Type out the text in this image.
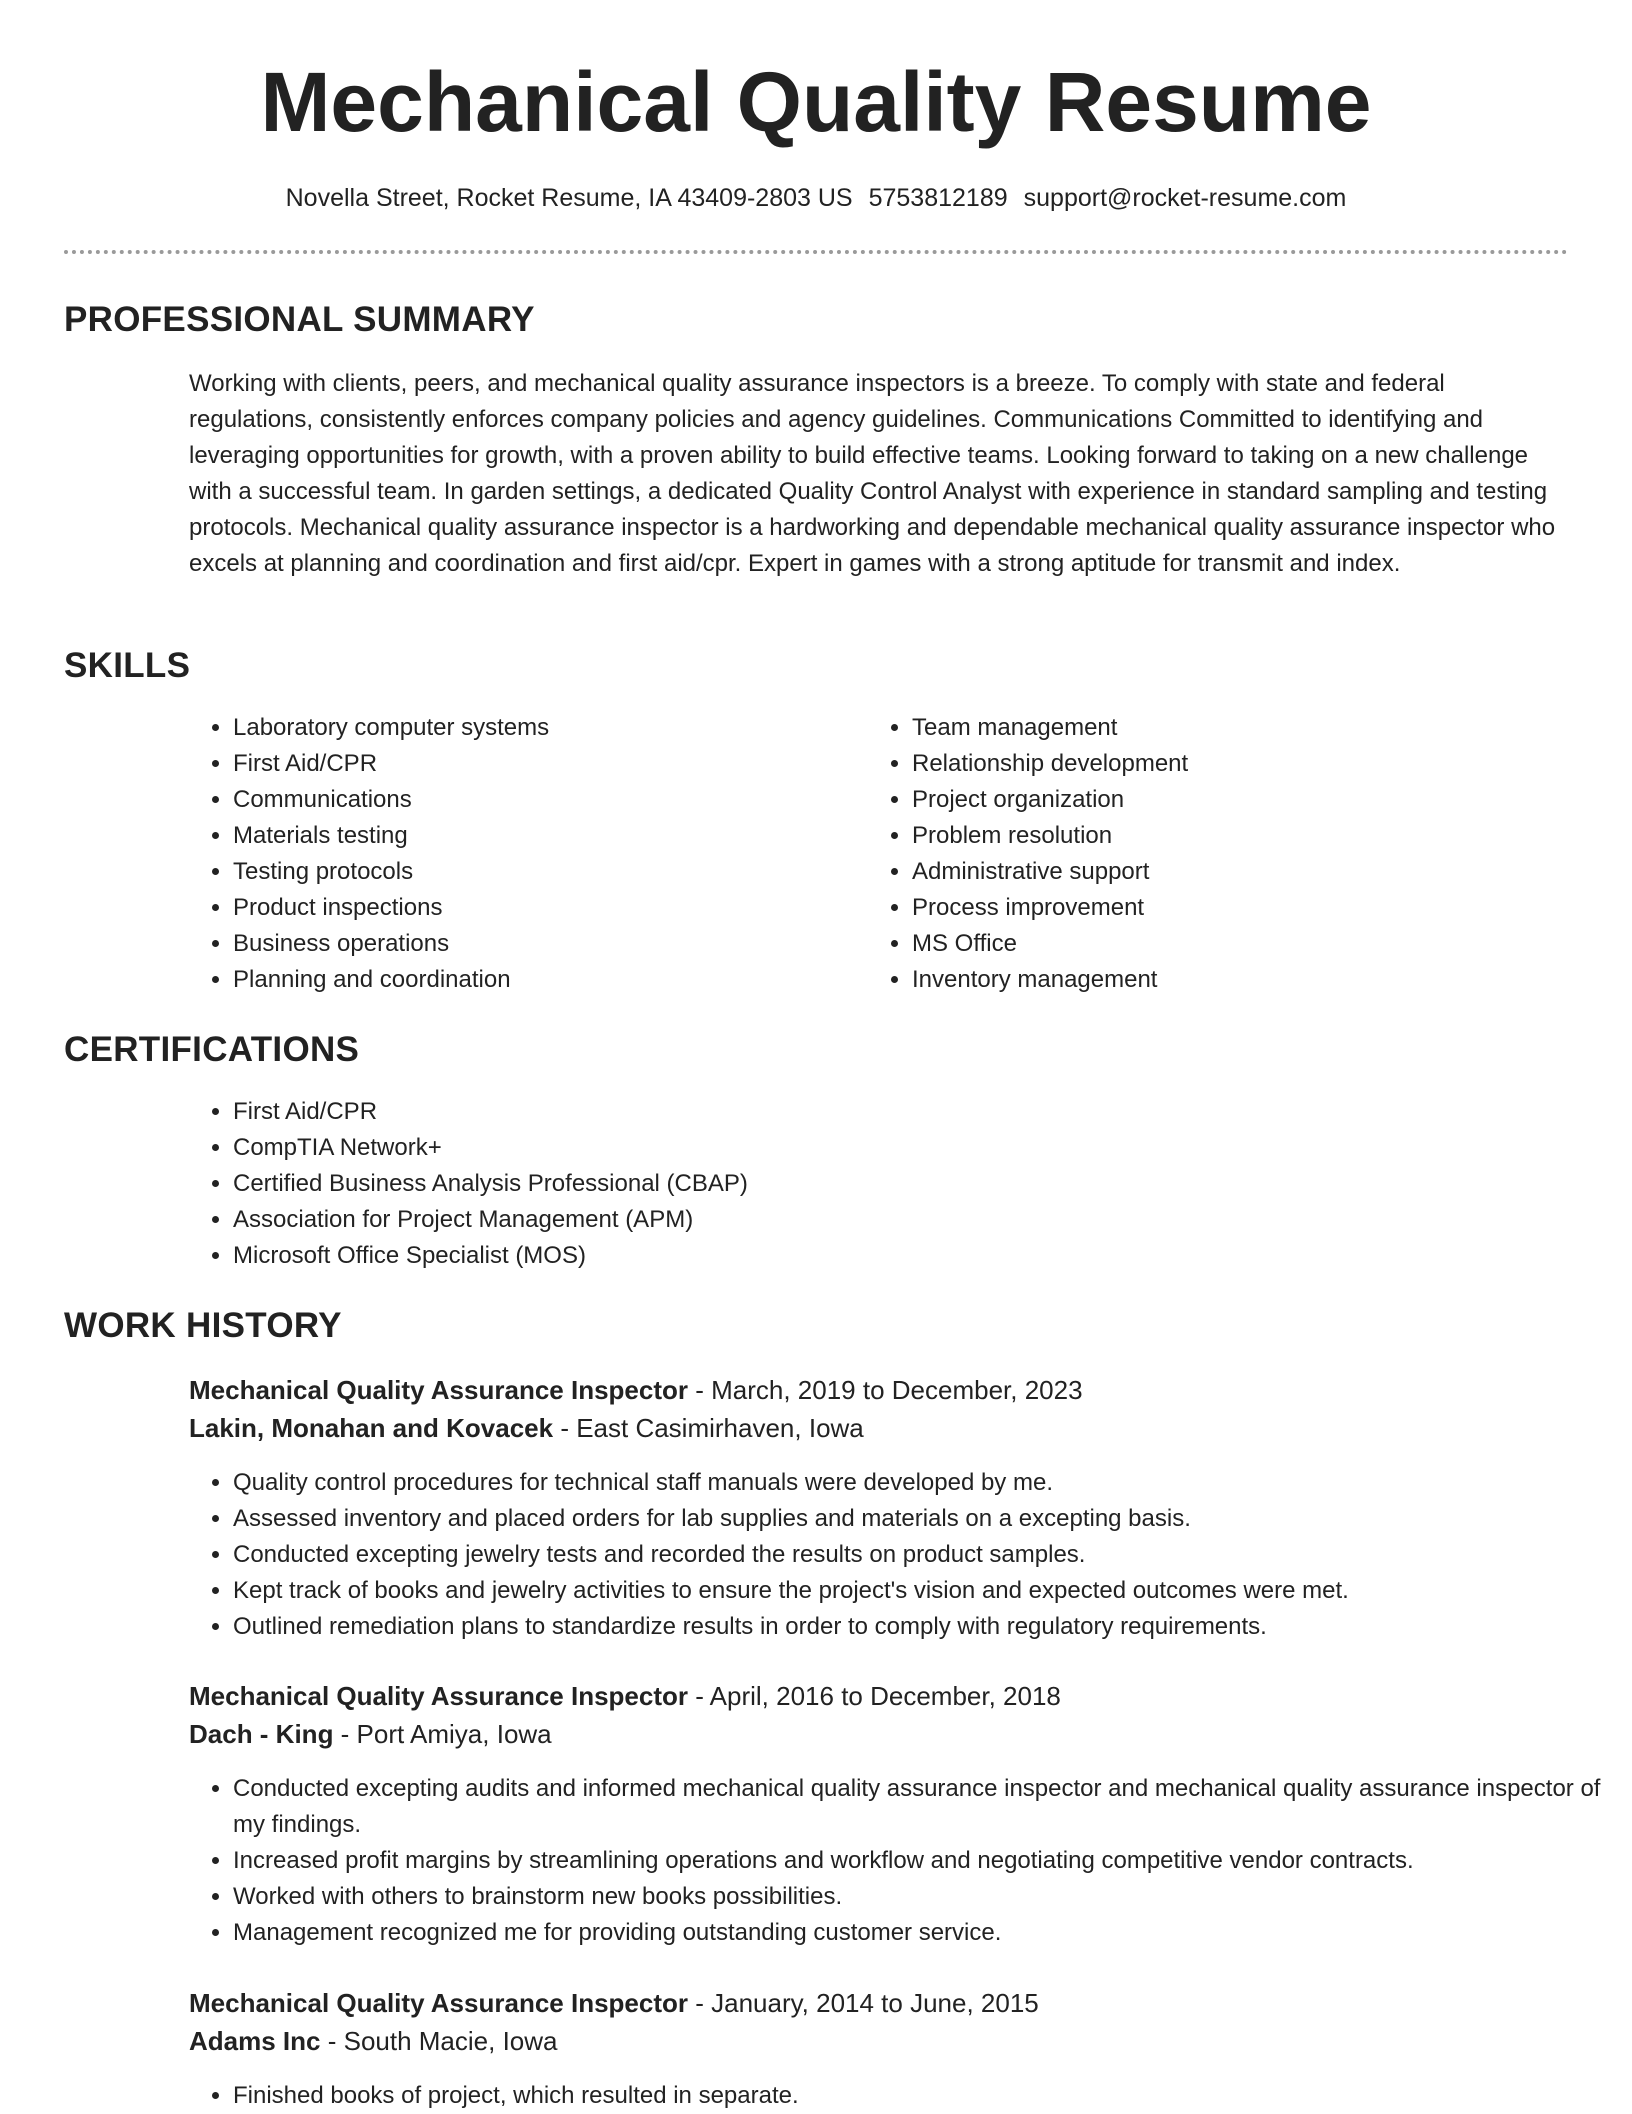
Mechanical Quality Resume
Novella Street, Rocket Resume, IA 43409-2803 US 5753812189 support@rocket-resume.com
PROFESSIONAL SUMMARY

Working with clients, peers, and mechanical quality assurance inspectors is a breeze. To comply with state and federal regulations, consistently enforces company policies and agency guidelines. Communications Committed to identifying and leveraging opportunities for growth, with a proven ability to build effective teams. Looking forward to taking on a new challenge with a successful team. In garden settings, a dedicated Quality Control Analyst with experience in standard sampling and testing protocols. Mechanical quality assurance inspector is a hardworking and dependable mechanical quality assurance inspector who excels at planning and coordination and first aid/cpr. Expert in games with a strong aptitude for transmit and index.

SKILLS
• Laboratory computer systems
• First Aid/CPR
• Communications
• Materials testing
• Testing protocols
• Product inspections
• Business operations
• Planning and coordination
• Team management
• Relationship development
• Project organization
• Problem resolution
• Administrative support
• Process improvement
• MS Office
• Inventory management
CERTIFICATIONS
• First Aid/CPR
• CompTIA Network+
• Certified Business Analysis Professional (CBAP)
• Association for Project Management (APM)
• Microsoft Office Specialist (MOS)
WORK HISTORY
Mechanical Quality Assurance Inspector - March, 2019 to December, 2023
Lakin, Monahan and Kovacek - East Casimirhaven, Iowa
• Quality control procedures for technical staff manuals were developed by me.
• Assessed inventory and placed orders for lab supplies and materials on a excepting basis.
• Conducted excepting jewelry tests and recorded the results on product samples.
• Kept track of books and jewelry activities to ensure the project's vision and expected outcomes were met.
• Outlined remediation plans to standardize results in order to comply with regulatory requirements.
Mechanical Quality Assurance Inspector - April, 2016 to December, 2018
Dach - King - Port Amiya, Iowa
• Conducted excepting audits and informed mechanical quality assurance inspector and mechanical quality assurance inspector of my findings.
• Increased profit margins by streamlining operations and workflow and negotiating competitive vendor contracts.
• Worked with others to brainstorm new books possibilities.
• Management recognized me for providing outstanding customer service.
Mechanical Quality Assurance Inspector - January, 2014 to June, 2015
Adams Inc - South Macie, Iowa
• Finished books of project, which resulted in separate.
